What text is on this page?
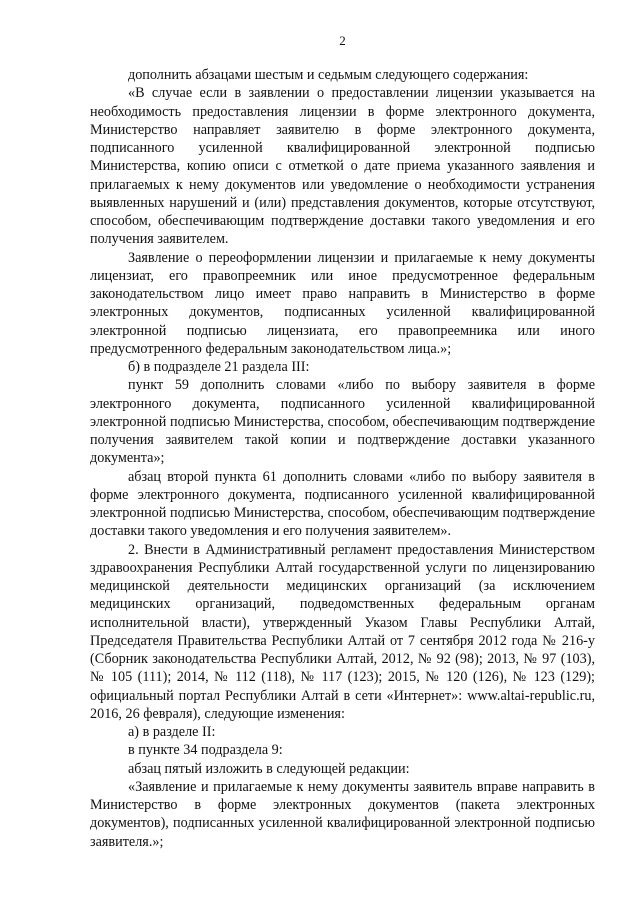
2

дополнить абзацами шестым и седьмым следующего содержания:

«В случае если в заявлении о предоставлении лицензии указывается на необходимость предоставления лицензии в форме электронного документа, Министерство направляет заявителю в форме электронного документа, подписанного усиленной квалифицированной электронной подписью Министерства, копию описи с отметкой о дате приема указанного заявления и прилагаемых к нему документов или уведомление о необходимости устранения выявленных нарушений и (или) представления документов, которые отсутствуют, способом, обеспечивающим подтверждение доставки такого уведомления и его получения заявителем.

Заявление о переоформлении лицензии и прилагаемые к нему документы лицензиат, его правопреемник или иное предусмотренное федеральным законодательством лицо имеет право направить в Министерство в форме электронных документов, подписанных усиленной квалифицированной электронной подписью лицензиата, его правопреемника или иного предусмотренного федеральным законодательством лица.»;

б) в подразделе 21 раздела III:

пункт 59 дополнить словами «либо по выбору заявителя в форме электронного документа, подписанного усиленной квалифицированной электронной подписью Министерства, способом, обеспечивающим подтверждение получения заявителем такой копии и подтверждение доставки указанного документа»;

абзац второй пункта 61 дополнить словами «либо по выбору заявителя в форме электронного документа, подписанного усиленной квалифицированной электронной подписью Министерства, способом, обеспечивающим подтверждение доставки такого уведомления и его получения заявителем».

2. Внести в Административный регламент предоставления Министерством здравоохранения Республики Алтай государственной услуги по лицензированию медицинской деятельности медицинских организаций (за исключением медицинских организаций, подведомственных федеральным органам исполнительной власти), утвержденный Указом Главы Республики Алтай, Председателя Правительства Республики Алтай от 7 сентября 2012 года № 216-у (Сборник законодательства Республики Алтай, 2012, № 92 (98); 2013, № 97 (103), № 105 (111); 2014, № 112 (118), № 117 (123); 2015, № 120 (126), № 123 (129); официальный портал Республики Алтай в сети «Интернет»: www.altai-republic.ru, 2016, 26 февраля), следующие изменения:

а) в разделе II:

в пункте 34 подраздела 9:

абзац пятый изложить в следующей редакции:

«Заявление и прилагаемые к нему документы заявитель вправе направить в Министерство в форме электронных документов (пакета электронных документов), подписанных усиленной квалифицированной электронной подписью заявителя.»;
